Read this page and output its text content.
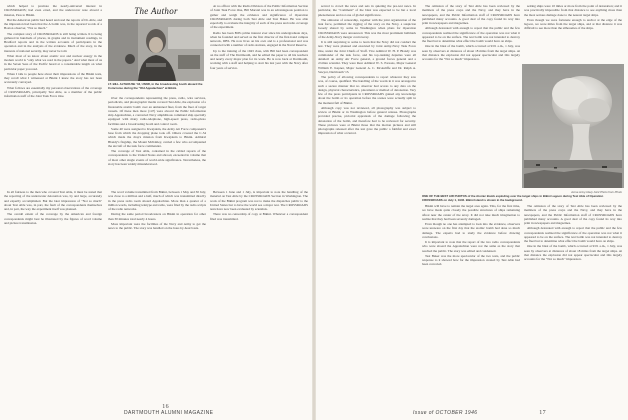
which helped to promote the nearly-universal interest in CROSSROADS; had even erred, and the undercover note aboard a mission, Pass to Bikini.

But the American public had heard and read the reports of Dr. Able, and the impression had been that the A bomb was, in the reported words of a Boston observer, "Not so much."

The complex story of CROSSROADS is still being written. It is being gathered in hundreds of places, in graphs and in instrument readings, in Bradford reports and in the written accounts of participants in the operation and in the analysis of the evidence. Much of the story, in the interests of national security, may never be told.

What most of us know about atomic war and nuclear energy in the modern world is "only what we read in the papers." And what most of us in the Seven Seas of the Pacific heard at a considerable length on what particular paper you read.

When I talk to people here about their impressions of the Bikini tests, they recall what I witnessed at Bikini I knew the story has not been accurately conveyed.

What follows are essentially my personal observations of the coverage of CROSSROADS, principally Test Able, as a member of the public information staff of the Joint Task Force One.

The Author
LT. BILL ALTHOUSE '43, USNR, in the broadcasting booth aboard the Comcruise during the "Old Appalachian" at Bikini.

Over the correspondents representing the press, radio, wire services, periodicals, and photographic media covered Test Able, the explosion of a fissionable atomic bomb over an unmanned fleet, from the fleet of target vessels. Of these men more (147) were aboard the Public Information ship Appalachian, a converted Navy amphibious command ship specially equipped with many radio-telephone, high-speed press, radio-photo facilities and a broadcasting booth and control room.

Some 40 were assigned to Kwajalein, the Army Air Force component's base from which the dropping plane took off. Others covered the C-54 which made the drop's mission from Kwajalein to Bikini. Admiral Blandy's flagship, the Mount McKinley, carried a few who accompanied the aircraft of the task force commander.

The coverage of Test Able, contained in the cabled reports of the correspondents to the United States and abroad, exceeded in volume that of most other single events of world-wide significance. Nevertheless, the story has been widely misunderstood.

At no officer with the Radio Division of the Public Information Section of Joint Task Force One, Bill Marsial was in an advantageous position to gather and weigh the evidence and significance of Operation CROSSROADS during both Test Able and Test Baker. He was able especially to evaluate the integrity of each of the press and radio coverage of the experiment.

Radio has been Bill's prime interest ever since his undergraduate days, when he founded and served as the first director of the first-band campus network, DBS. He now lives on his own and is a professional and was connected with a number of radio stations, engaged in the Naval Reserve.

Up to the training of the 1943 class, with Bill had been correspondent on the staff of The Dartmouth, and he edited the paper to all his teachers and nearly every major plan for its work. He is now back at Dartmouth, working with a staff and helping to start his last year with the Navy after four years of service.

In all fairness to the men who covered Test Able, it must be stated that the reporting of the underwater detonation was, by and large, accurately and expertly accomplished. But the later impression of "Not so much" about Test Able was, in part, the fault of the correspondents themselves and, in part, the way the experiment itself was planned.

The overall extent of the coverage by the American and foreign correspondents might best be illustrated by the figures of word volume and picture transmission.

The word volume transmitted from Bikini, between 1 May and 30 July, was close to a million and a half, much of which was transmitted directly in the press radio room aboard Appalachian. More than a quarter of a million words, including teletype and radio, were filed by the radio scripts of the radio networks.

During the same period broadcasters on Bikini in operation for other than 30 minutes total nearly 4 hours.

More important were the facilities of the Navy and Army to get the news to the public. The story was handled on the hour-by-hour basis.

Between 1 June and 1 July, is important to note the handling of the material on Test Able by the CROSSROADS Section in Washington. The work of the Bikini program was not to make the dispatches public to the United States but to have the world see a major test. The CROSSROADS tests have now been evaluated by scientists.

There was no censorship of copy at Bikini. Whatever a correspondent filed was transmitted.

16
DARTMOUTH ALUMNI MAGAZINE

served to crowd the news and sets in quieting the pre-test news. In particular, the "Comment" of the blast was expected to be but a local phenomenon and not one of global significance.

The omission of censorship, together with the joint organization of the task force, permitted the rigging of the story on the Navy, a suspicion loosely shared by some in Washington when plans for Operation CROSSROADS were announced. This was the most prominent hallmark of the Army-Navy merger controversy.

It is still surprising to some to learn that the Navy did not conduct the test. They were planned and executed by Joint Army-Navy Task Force One, under the Joint Chiefs of Staff. Vice Admiral W. H. P. Blandy was commander of the task force, and his top-ranking deputies were all detailed: an Army Air Force general, a ground forces general and a civilian scientist. They were Rear Admiral W. S. Parsons, Major General William E. Kepner, Major General A. C. McAuliffe and Dr. Ralph A. Sawyer, Dartmouth '13.

The policy of allowing correspondents to report whatever they saw was, of course, qualified. The handling of the words in it was arranged in such a secure manner that no observer had access to any data on the design, physical characteristics, placement or method of detonation. Very few of the press participants in CROSSROADS gained any knowledge about the bomb or its operation before the scenes were actually split in the moment full of Bikini.

Although copy was not reviewed, all photography was subject to review at Bikini or in Washington before general release. Photographs provided precise, pictorial appraisals of the damage following the detonation of the bomb, and therefore had to be reviewed for security. These pictures were at Bikini those that the motion pictures and still photographs released after the test gave the public a faithful and exact impression of what occurred.

The omission of the story of Test Able has been reviewed by the members of the press corps and the Navy, and they have in the newspapers, and the Public Information staff of CROSSROADS have published many accounts. A good deal of the copy found its way into print in newspapers and magazines.

Although detonated with enough to report that the public and the few correspondents realized the significance of the operation was not what it appeared to be on the surface. The test bomb was not intended to destroy the fleet but to determine what effect the bomb would have on ships.

One in the blast of the bomb, which occurred at 9:01 a.m., 1 July, was seen by observers at distances of about 18 miles from the target ships. At that distance the explosion did not appear spectacular and this largely accounts for the "Not so much" impression.

setting ships were 10 miles or more from the point of detonation; and it was practically impossible from that distance to see anything more than the most serious damage done to the nearest target ships.

Even though we were fortunate enough to anchor at the edge of the lagoon, we were miles from the target ships, and at that distance it was difficult to see more than the silhouettes of the ships.

Acme Army-Navy Joint Photo from Photo
ONE OF THE BEST AIR PHOTOS of the Atomic Bomb exploding over the target ships in Bikini Lagoon during Test Able of Operation CROSSROADS on July 1, 1946. Bikini Island is shown in the background.

Bikini will have to remain the target area again. This, for the first time, we have made quite closely the possible structures of ships remaining afloat near the center of the array. It did not take much imagination to realize that they had been severely damaged.

Even though no one has attempted to look into the evidence, observers were unaware on the first day that the atomic bomb had done so much damage. The experts had to study the evidence before drawing conclusions.

It is important to note that the report of the two radio correspondents who were aboard the Appalachian were not the same as the story that reached the public. The story was edited and condensed.

Test Baker was the more spectacular of the two tests, and the public response to it showed how far the impression created by Test Able had been corrected.

The omission of the story of Test Able has been reviewed by the members of the press corps and the Navy, and they have in the newspapers, and the Public Information staff of CROSSROADS have published many accounts. A good deal of the copy found its way into print in newspapers and magazines.

Although detonated with enough to report that the public and the few correspondents realized the significance of the operation was not what it appeared to be on the surface. The test bomb was not intended to destroy the fleet but to determine what effect the bomb would have on ships.

One in the blast of the bomb, which occurred at 9:01 a.m., 1 July, was seen by observers at distances of about 18 miles from the target ships. At that distance the explosion did not appear spectacular and this largely accounts for the "Not so much" impression.

Issue of OCTOBER 1946	17
